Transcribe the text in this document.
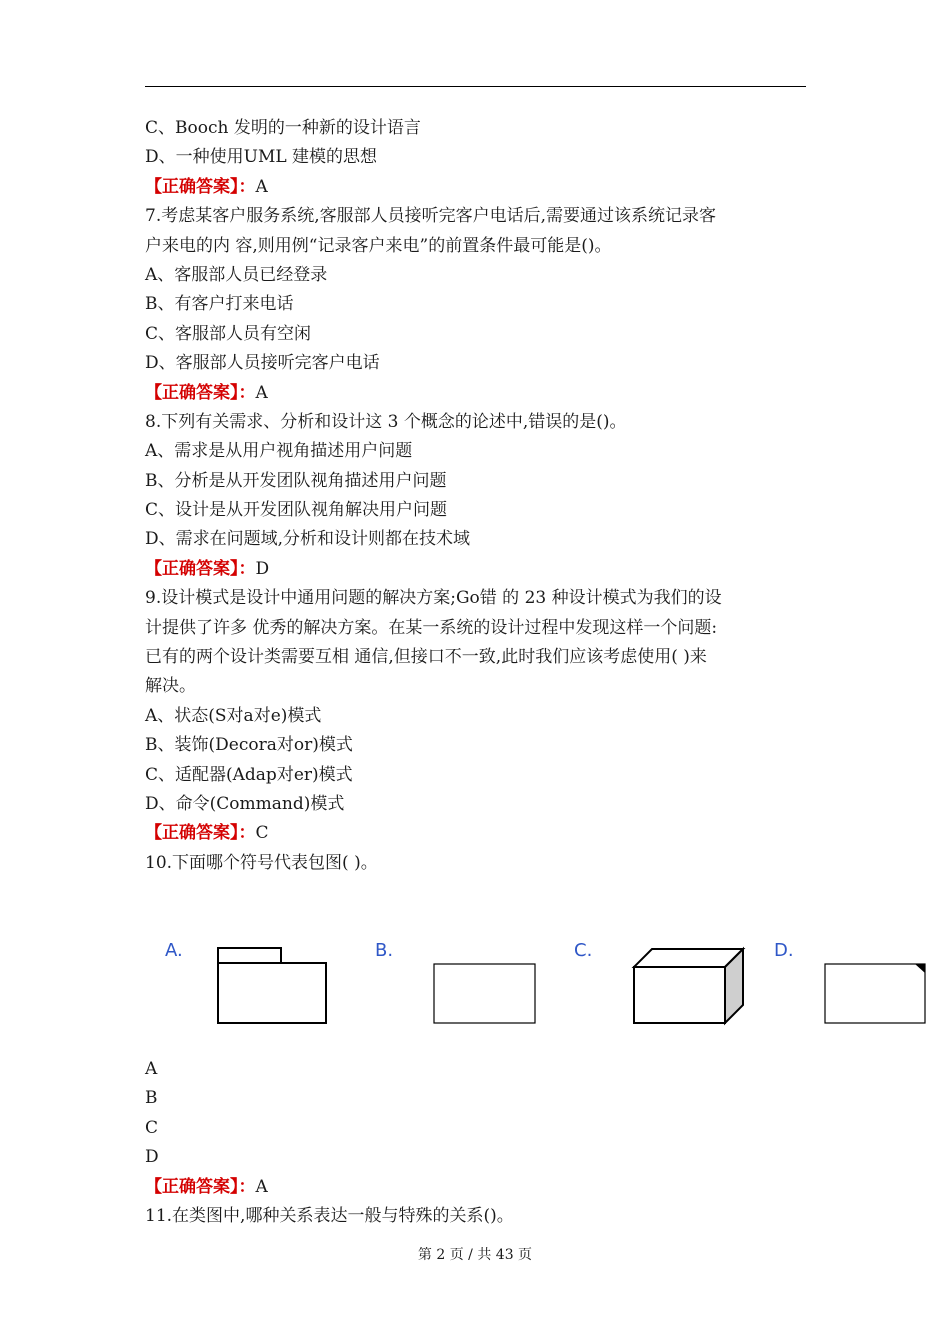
C、Booch 发明的一种新的设计语言
D、一种使用UML 建模的思想
【正确答案】：A
7.考虑某客户服务系统,客服部人员接听完客户电话后,需要通过该系统记录客
户来电的内 容,则用例“记录客户来电”的前置条件最可能是()。
A、客服部人员已经登录
B、有客户打来电话
C、客服部人员有空闲
D、客服部人员接听完客户电话
【正确答案】：A
8.下列有关需求、分析和设计这 3 个概念的论述中,错误的是()。
A、需求是从用户视角描述用户问题
B、分析是从开发团队视角描述用户问题
C、设计是从开发团队视角解决用户问题
D、需求在问题域,分析和设计则都在技术域
【正确答案】：D
9.设计模式是设计中通用问题的解决方案;Go错 的 23 种设计模式为我们的设
计提供了许多 优秀的解决方案。在某一系统的设计过程中发现这样一个问题:
已有的两个设计类需要互相 通信,但接口不一致,此时我们应该考虑使用( )来
解决。
A、状态(S对a对e)模式
B、装饰(Decora对or)模式
C、适配器(Adap对er)模式
D、命令(Command)模式
【正确答案】：C
10.下面哪个符号代表包图( )。
A.	B.	C.	D.
A
B
C
D
【正确答案】：A
11.在类图中,哪种关系表达一般与特殊的关系()。
第 2 页 / 共 43 页
